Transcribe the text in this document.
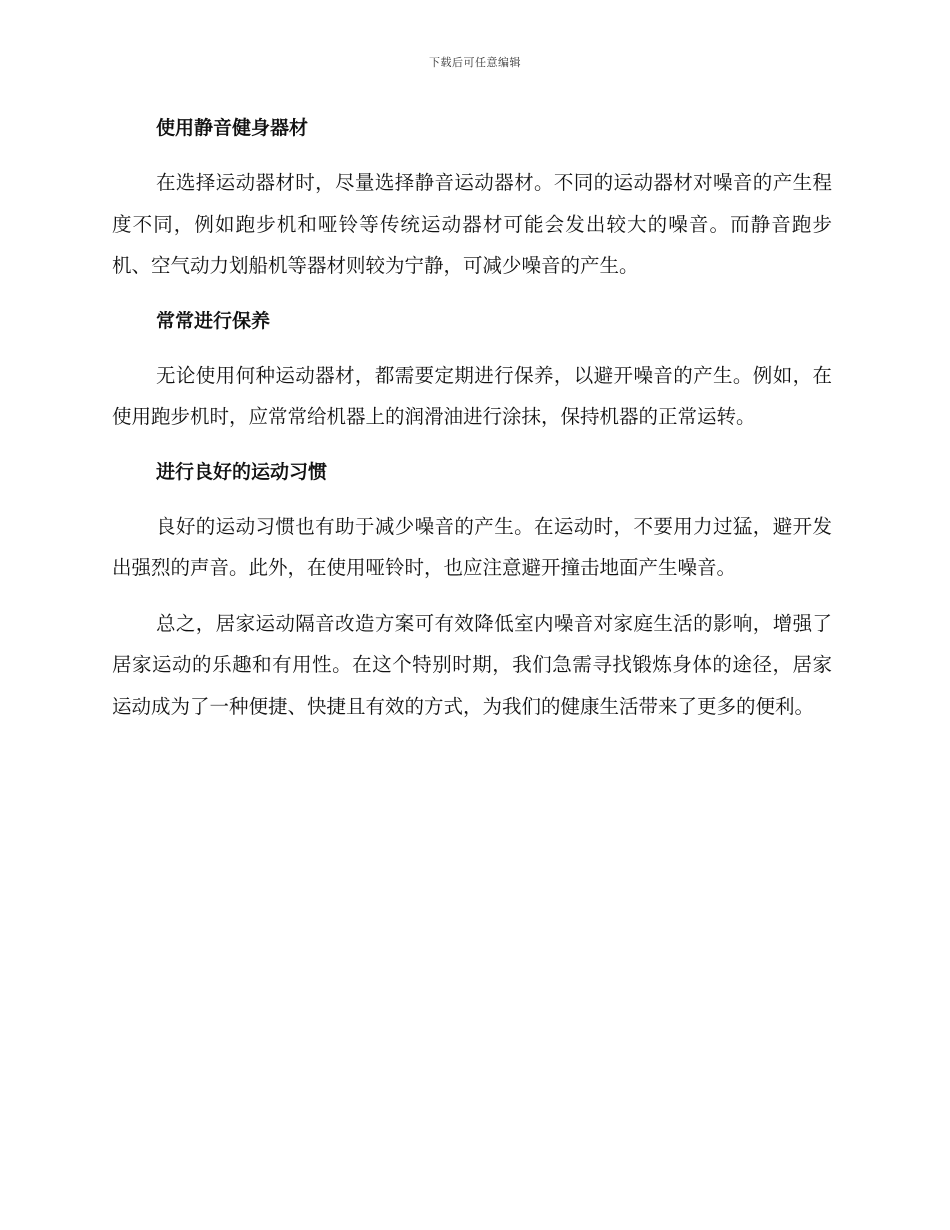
下载后可任意编辑

使用静音健身器材

在选择运动器材时，尽量选择静音运动器材。不同的运动器材对噪音的产生程度不同，例如跑步机和哑铃等传统运动器材可能会发出较大的噪音。而静音跑步机、空气动力划船机等器材则较为宁静，可减少噪音的产生。

常常进行保养

无论使用何种运动器材，都需要定期进行保养，以避开噪音的产生。例如，在使用跑步机时，应常常给机器上的润滑油进行涂抹，保持机器的正常运转。

进行良好的运动习惯

良好的运动习惯也有助于减少噪音的产生。在运动时，不要用力过猛，避开发出强烈的声音。此外，在使用哑铃时，也应注意避开撞击地面产生噪音。

总之，居家运动隔音改造方案可有效降低室内噪音对家庭生活的影响，增强了居家运动的乐趣和有用性。在这个特别时期，我们急需寻找锻炼身体的途径，居家运动成为了一种便捷、快捷且有效的方式，为我们的健康生活带来了更多的便利。
